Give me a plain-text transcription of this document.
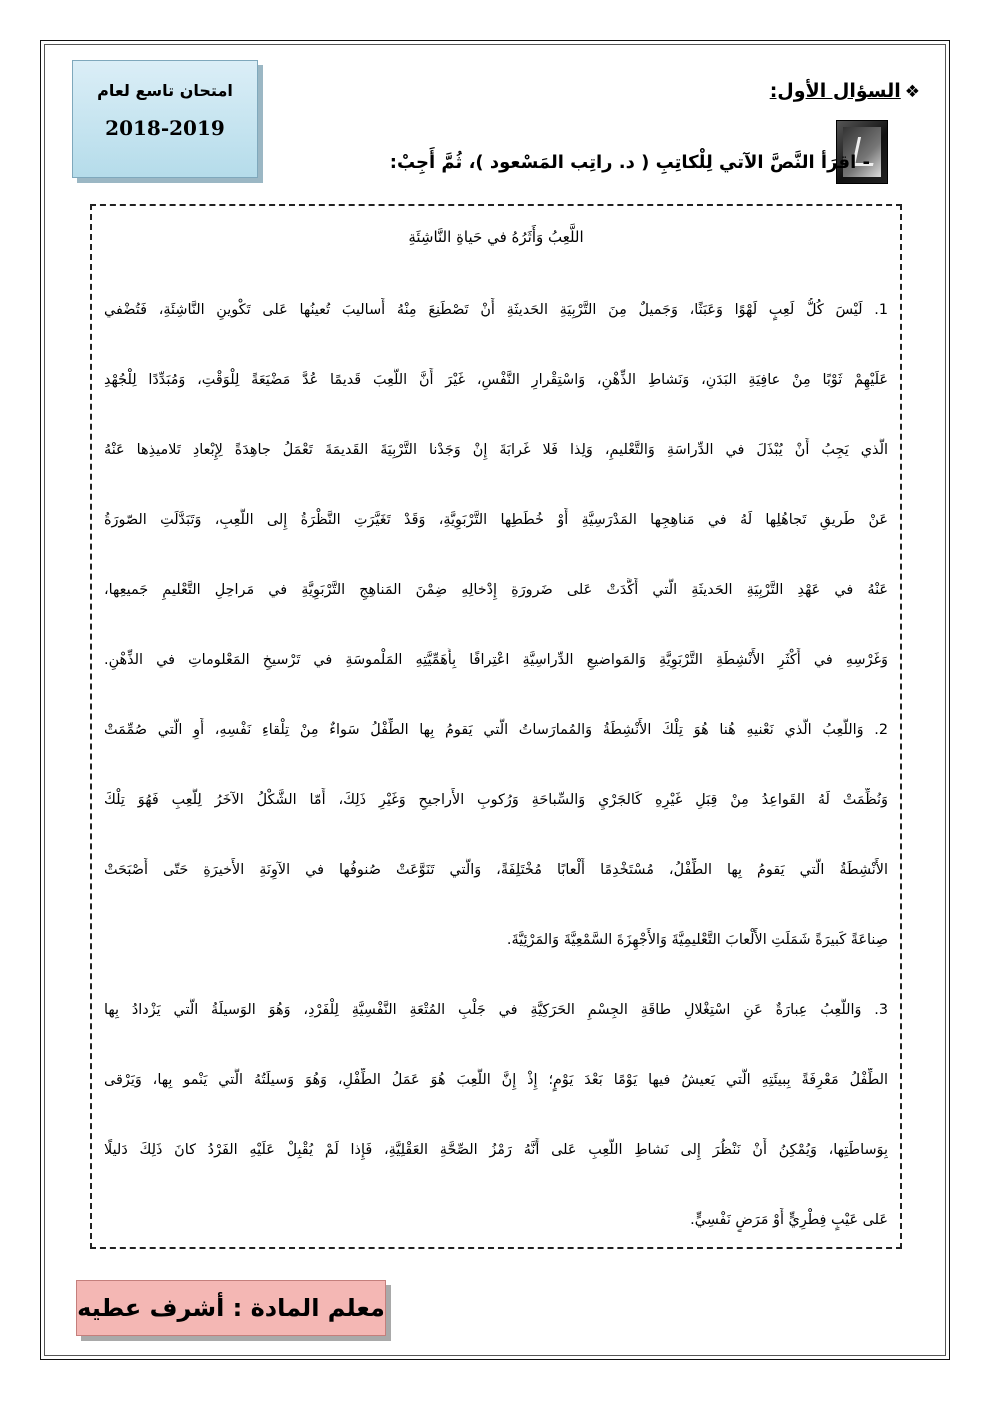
امتحان تاسع لعام
2018-2019
❖السؤال الأول:
- اقرَأ النَّصَّ الآتي لِلْكاتِبِ ( د. راتِب المَسْعود )، ثُمَّ أَجِبْ:
اللَّعِبُ وَأَثَرُهُ في حَياةِ النَّاشِئَةِ
1. لَيْسَ كُلُّ لَعِبٍ لَهْوًا وَعَبَثًا، وَجَميلٌ مِنَ التَّرْبِيَةِ الحَديثَةِ أَنْ تَصْطَنِعَ مِنْهُ أَساليبَ تُعينُها عَلى تَكْوينِ النَّاشِئَةِ، فَتُضْفي
عَلَيْهِمْ ثَوْبًا مِنْ عافِيَةِ البَدَنِ، وَنَشاطِ الذِّهْنِ، وَاسْتِقْرارِ النَّفْسِ، غَيْرَ أَنَّ اللَّعِبَ قَديمًا عُدَّ مَضْيَعَةً لِلْوَقْتِ، وَمُبَدِّدًا لِلْجُهْدِ
الَّذي يَجِبُ أَنْ يُبْذَلَ في الدِّراسَةِ وَالتَّعْليمِ، وَلِذا فَلا غَرابَةَ إِنْ وَجَدْنا التَّرْبِيَةَ القَديمَةَ تَعْمَلُ جاهِدَةً لِإِبْعادِ تَلاميذِها عَنْهُ
عَنْ طَريقِ تَجاهُلِها لَهُ في مَناهِجِها المَدْرَسِيَّةِ أَوْ خُطَطِها التَّرْبَوِيَّةِ، وَقَدْ تَغَيَّرَتِ النَّظْرَةُ إِلى اللَّعِبِ، وَتَبَدَّلَتِ الصّورَةُ
عَنْهُ في عَهْدِ التَّرْبِيَةِ الحَديثَةِ الَّتي أَكَّدَتْ عَلى ضَرورَةِ إِدْخالِهِ ضِمْنَ المَناهِجِ التَّرْبَوِيَّةِ في مَراحِلِ التَّعْليمِ جَميعِها،
وَغَرْسِهِ في أَكْثَرِ الأَنْشِطَةِ التَّرْبَوِيَّةِ وَالمَواضيعِ الدِّراسِيَّةِ اعْتِرافًا بِأَهَمِّيَّتِهِ المَلْموسَةِ في تَرْسيخِ المَعْلوماتِ في الذِّهْنِ.
2. وَاللَّعِبُ الَّذي نَعْنيهِ هُنا هُوَ تِلْكَ الأَنْشِطَةُ وَالمُمارَساتُ الَّتي يَقومُ بِها الطِّفْلُ سَواءٌ مِنْ تِلْقاءِ نَفْسِهِ، أَوِ الَّتي صُمِّمَتْ
وَنُظِّمَتْ لَهُ القَواعِدُ مِنْ قِبَلِ غَيْرِهِ كَالجَرْيِ وَالسِّباحَةِ وَرُكوبِ الأَراجيحِ وَغَيْرِ ذَلِكَ، أَمّا الشَّكْلُ الآخَرُ لِلَّعِبِ فَهُوَ تِلْكَ
الأَنْشِطَةُ الَّتي يَقومُ بِها الطِّفْلُ، مُسْتَخْدِمًا أَلْعابًا مُخْتَلِفَةً، وَالَّتي تَنَوَّعَتْ صُنوفُها في الآوِنَةِ الأَخيرَةِ حَتّى أَصْبَحَتْ
صِناعَةً كَبيرَةً شَمَلَتِ الأَلْعابَ التَّعْليمِيَّةَ وَالأَجْهِزَةَ السَّمْعِيَّةَ وَالمَرْئِيَّةَ.
3. وَاللَّعِبُ عِبارَةٌ عَنِ اسْتِغْلالِ طاقَةِ الجِسْمِ الحَرَكِيَّةِ في جَلْبِ المُتْعَةِ النَّفْسِيَّةِ لِلْفَرْدِ، وَهُوَ الوَسيلَةُ الَّتي يَزْدادُ بِها
الطِّفْلُ مَعْرِفَةً بِبيئَتِهِ الَّتي يَعيشُ فيها يَوْمًا بَعْدَ يَوْمٍ؛ إِذْ إِنَّ اللَّعِبَ هُوَ عَمَلُ الطِّفْلِ، وَهُوَ وَسيلَتُهُ الَّتي يَنْمو بِها، وَيَرْقى
بِوَساطَتِها، وَيُمْكِنُ أَنْ نَنْظُرَ إِلى نَشاطِ اللَّعِبِ عَلى أَنَّهُ رَمْزُ الصِّحَّةِ العَقْلِيَّةِ، فَإِذا لَمْ يُقْبِلْ عَلَيْهِ الفَرْدُ كانَ ذَلِكَ دَليلًا
عَلى عَيْبٍ فِطْرِيٍّ أَوْ مَرَضٍ نَفْسِيٍّ.
معلم المادة : أشرف عطيه
